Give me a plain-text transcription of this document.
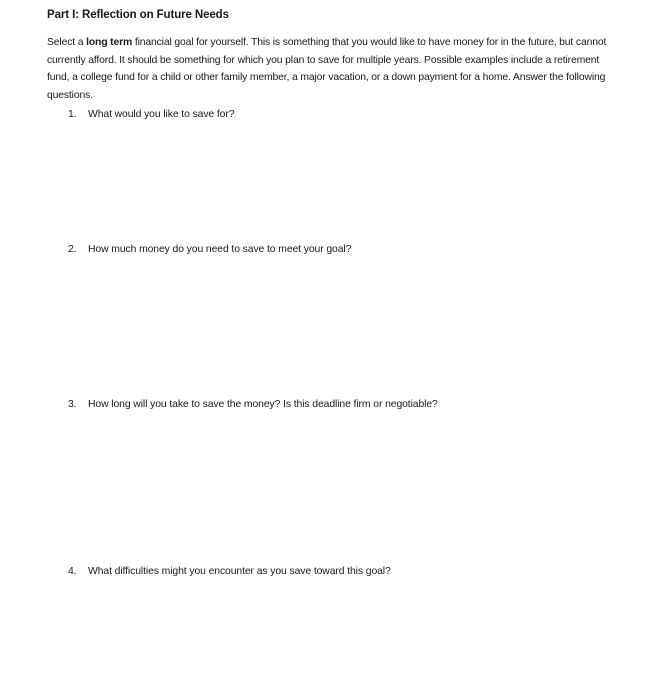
Part I: Reflection on Future Needs
Select a long term financial goal for yourself. This is something that you would like to have money for in the future, but cannot currently afford. It should be something for which you plan to save for multiple years. Possible examples include a retirement fund, a college fund for a child or other family member, a major vacation, or a down payment for a home. Answer the following questions.
1.	What would you like to save for?
2.	How much money do you need to save to meet your goal?
3.	How long will you take to save the money? Is this deadline firm or negotiable?
4.	What difficulties might you encounter as you save toward this goal?
